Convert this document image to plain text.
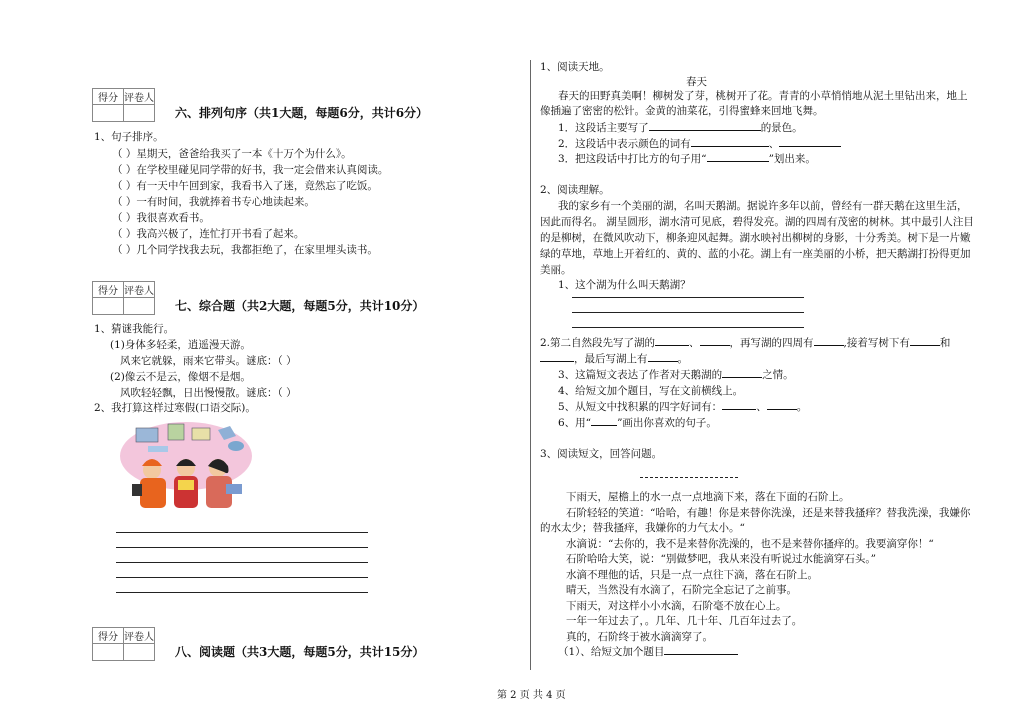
得分	评卷人

六、排列句序（共1大题，每题6分，共计6分）
1、句子排序。
（ ）星期天，爸爸给我买了一本《十万个为什么》。
（ ）在学校里碰见同学带的好书，我一定会借来认真阅读。
（ ）有一天中午回到家，我看书入了迷，竟然忘了吃饭。
（ ）一有时间，我就捧着书专心地读起来。
（ ）我很喜欢看书。
（ ）我高兴极了，连忙打开书看了起来。
（ ）几个同学找我去玩，我都拒绝了，在家里埋头读书。
得分	评卷人

七、综合题（共2大题，每题5分，共计10分）
1、猜谜我能行。
(1)身体多轻柔，逍遥漫天游。
风来它就躲，雨来它带头。谜底：（ ）
(2)像云不是云，像烟不是烟。
风吹轻轻飘，日出慢慢散。谜底：（ ）
2、我打算这样过寒假(口语交际)。
得分	评卷人

八、阅读题（共3大题，每题5分，共计15分）
1、阅读天地。
春天
春天的田野真美啊！柳树发了芽，桃树开了花。青青的小草悄悄地从泥土里钻出来，地上
像插遍了密密的松针。金黄的油菜花，引得蜜蜂来回地飞舞。
1．这段话主要写了	的景色。
2．这段话中表示颜色的词有	、
3．把这段话中打比方的句子用“	”划出来。
2、阅读理解。
我的家乡有一个美丽的湖，名叫天鹅湖。据说许多年以前，曾经有一群天鹅在这里生活，
因此而得名。 湖呈圆形，湖水清可见底，碧得发亮。湖的四周有茂密的树林。其中最引人注目
的是柳树，在微风吹动下，柳条迎风起舞。湖水映衬出柳树的身影，十分秀美。树下是一片嫩
绿的草地，草地上开着红的、黄的、蓝的小花。湖上有一座美丽的小桥，把天鹅湖打扮得更加
美丽。
1、这个湖为什么叫天鹅湖？
2.第二自然段先写了湖的	、	，再写湖的四周有	,接着写树下有	和
，最后写湖上有	。
3、这篇短文表达了作者对天鹅湖的	之情。
4、给短文加个题目，写在文前横线上。
5、从短文中找积累的四字好词有：	、	。
6、用“ ”画出你喜欢的句子。
3、阅读短文，回答问题。
下雨天，屋檐上的水一点一点地滴下来，落在下面的石阶上。
石阶轻轻的笑道：“哈哈，有趣！你是来替你洗澡，还是来替我搔痒？替我洗澡，我嫌你
的水太少；替我搔痒，我嫌你的力气太小。“
水滴说：“去你的，我不是来替你洗澡的，也不是来替你搔痒的。我要滴穿你！“
石阶哈哈大笑，说：“别做梦吧，我从来没有听说过水能滴穿石头。”
水滴不理他的话，只是一点一点往下滴，落在石阶上。
晴天，当然没有水滴了，石阶完全忘记了之前事。
下雨天，对这样小小水滴，石阶毫不放在心上。
一年一年过去了，。几年、几十年、几百年过去了。
真的，石阶终于被水滴滴穿了。
（1）、给短文加个题目
第 2 页 共 4 页
